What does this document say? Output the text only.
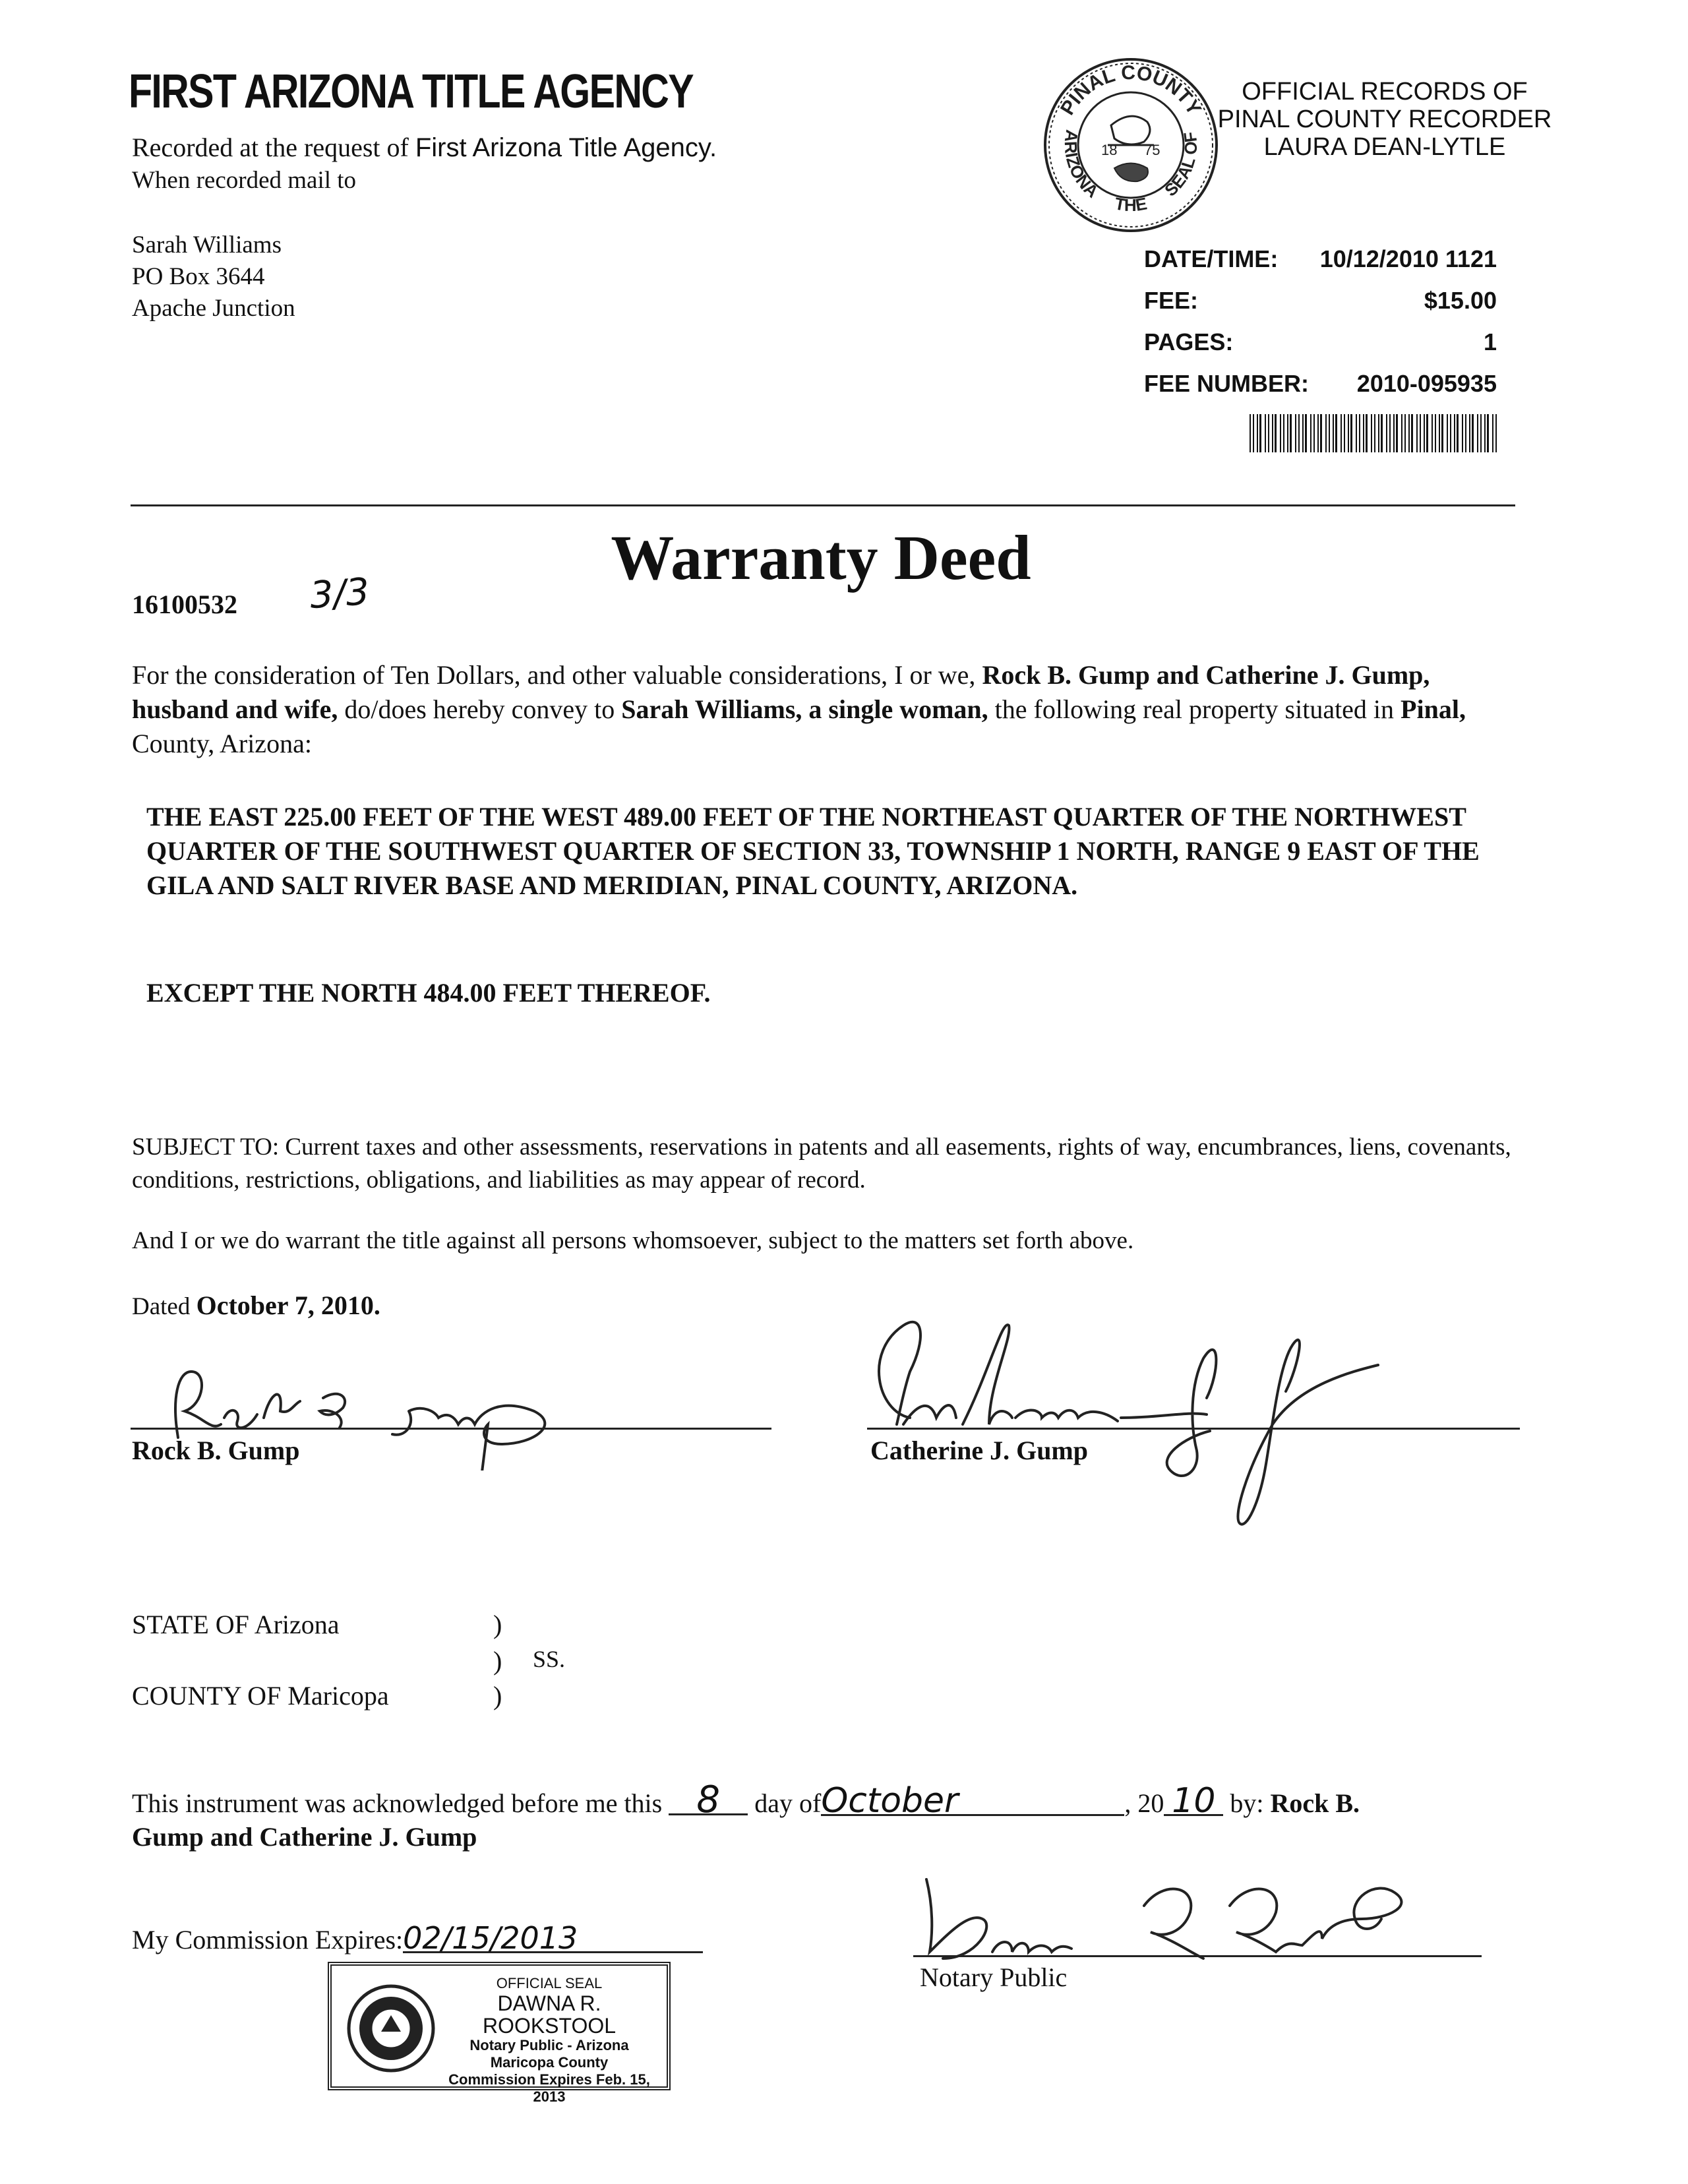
FIRST ARIZONA TITLE AGENCY
Recorded at the request of First Arizona Title Agency.
When recorded mail to
Sarah Williams
PO Box 3644
Apache Junction
PINAL COUNTY
SEAL OF
ARIZONA
THE
18 75
OFFICIAL RECORDS OF
PINAL COUNTY RECORDER
LAURA DEAN-LYTLE
DATE/TIME: 10/12/2010 1121
FEE:	$15.00
PAGES:	1
FEE NUMBER: 2010-095935
Warranty Deed
16100532 3/3
For the consideration of Ten Dollars, and other valuable considerations, I or we, Rock B. Gump and Catherine J. Gump, husband and wife, do/does hereby convey to Sarah Williams, a single woman, the following real property situated in Pinal, County, Arizona:
THE EAST 225.00 FEET OF THE WEST 489.00 FEET OF THE NORTHEAST QUARTER OF THE NORTHWEST QUARTER OF THE SOUTHWEST QUARTER OF SECTION 33, TOWNSHIP 1 NORTH, RANGE 9 EAST OF THE GILA AND SALT RIVER BASE AND MERIDIAN, PINAL COUNTY, ARIZONA.
EXCEPT THE NORTH 484.00 FEET THEREOF.
SUBJECT TO: Current taxes and other assessments, reservations in patents and all easements, rights of way, encumbrances, liens, covenants, conditions, restrictions, obligations, and liabilities as may appear of record.
And I or we do warrant the title against all persons whomsoever, subject to the matters set forth above.
Dated October 7, 2010.
Rock B. Gump	Catherine J. Gump
STATE OF Arizona	)
) SS.
COUNTY OF Maricopa	)
This instrument was acknowledged before me this 8 day ofOctober	, 20 10 by: Rock B.
Gump and Catherine J. Gump
My Commission Expires:02/15/2013
Notary Public
OFFICIAL SEAL
DAWNA R. ROOKSTOOL
Notary Public - Arizona
Maricopa County
Commission Expires Feb. 15, 2013
